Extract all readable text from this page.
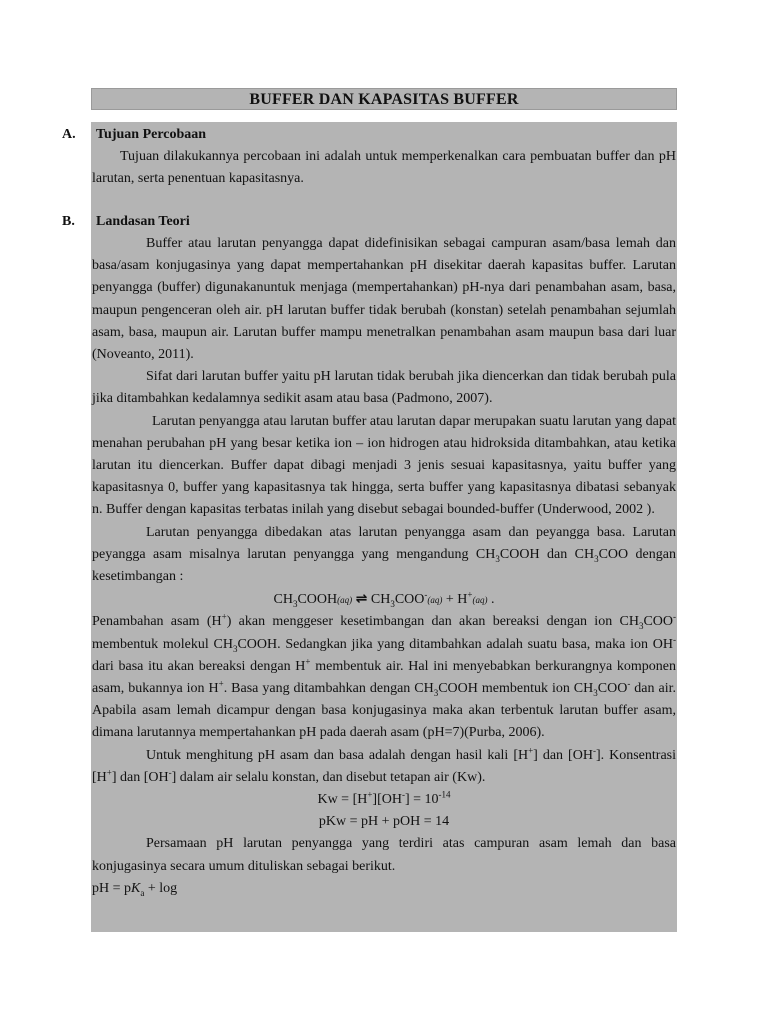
BUFFER DAN KAPASITAS BUFFER
A. Tujuan Percobaan

Tujuan dilakukannya percobaan ini adalah untuk memperkenalkan cara pembuatan buffer dan pH larutan, serta penentuan kapasitasnya.

B. Landasan Teori

Buffer atau larutan penyangga dapat didefinisikan sebagai campuran asam/basa lemah dan basa/asam konjugasinya yang dapat mempertahankan pH disekitar daerah kapasitas buffer. Larutan penyangga (buffer) digunakanuntuk menjaga (mempertahankan) pH-nya dari penambahan asam, basa, maupun pengenceran oleh air. pH larutan buffer tidak berubah (konstan) setelah penambahan sejumlah asam, basa, maupun air. Larutan buffer mampu menetralkan penambahan asam maupun basa dari luar (Noveanto, 2011).

Sifat dari larutan buffer yaitu pH larutan tidak berubah jika diencerkan dan tidak berubah pula jika ditambahkan kedalamnya sedikit asam atau basa (Padmono, 2007).

Larutan penyangga atau larutan buffer atau larutan dapar merupakan suatu larutan yang dapat menahan perubahan pH yang besar ketika ion – ion hidrogen atau hidroksida ditambahkan, atau ketika larutan itu diencerkan. Buffer dapat dibagi menjadi 3 jenis sesuai kapasitasnya, yaitu buffer yang kapasitasnya 0, buffer yang kapasitasnya tak hingga, serta buffer yang kapasitasnya dibatasi sebanyak n. Buffer dengan kapasitas terbatas inilah yang disebut sebagai bounded-buffer (Underwood, 2002 ).

Larutan penyangga dibedakan atas larutan penyangga asam dan peyangga basa. Larutan peyangga asam misalnya larutan penyangga yang mengandung $CH_3COOH$ dan $CH_3COO$ dengan kesetimbangan :

$CH_3COOH(aq)$ ⇌ $CH_3COO^-(aq) + H^+(aq)$ .

Penambahan asam (H+) akan menggeser kesetimbangan dan akan bereaksi dengan ion $CH_3COO^-$ membentuk molekul $CH_3COOH$. Sedangkan jika yang ditambahkan adalah suatu basa, maka ion OH- dari basa itu akan bereaksi dengan H+ membentuk air. Hal ini menyebabkan berkurangnya komponen asam, bukannya ion H+. Basa yang ditambahkan dengan $CH_3COOH$ membentuk ion $CH_3COO^-$ dan air. Apabila asam lemah dicampur dengan basa konjugasinya maka akan terbentuk larutan buffer asam, dimana larutannya mempertahankan pH pada daerah asam (pH=7)(Purba, 2006).

Untuk menghitung pH asam dan basa adalah dengan hasil kali [H+] dan [OH-]. Konsentrasi [H+] dan [OH-] dalam air selalu konstan, dan disebut tetapan air (Kw).

$Kw = [H^+][OH^-] = 10^{-14}$

pKw = pH + pOH = 14

Persamaan pH larutan penyangga yang terdiri atas campuran asam lemah dan basa konjugasinya secara umum dituliskan sebagai berikut.

pH = $pK_a + \log$
